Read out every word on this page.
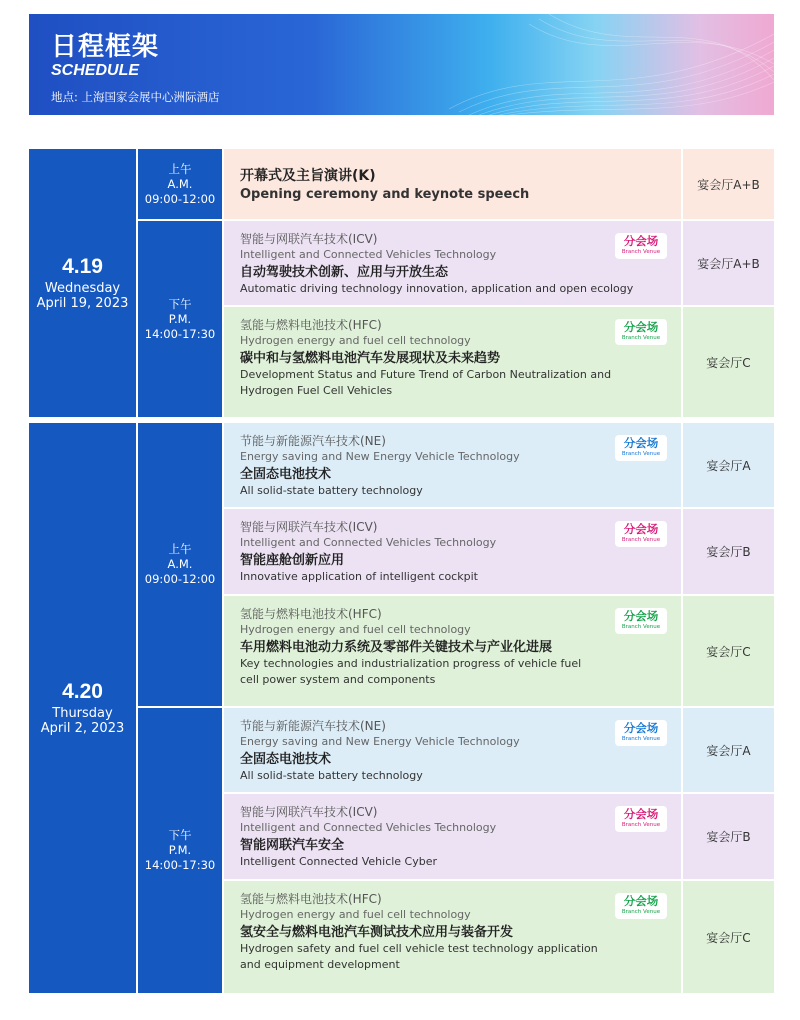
日程框架
SCHEDULE
地点: 上海国家会展中心洲际酒店
4.19
Wednesday
April 19, 2023
上午
A.M.
09:00-12:00
下午
P.M.
14:00-17:30
开幕式及主旨演讲(K)
Opening ceremony and keynote speech
宴会厅A+B
智能与网联汽车技术(ICV)
Intelligent and Connected Vehicles Technology
自动驾驶技术创新、应用与开放生态
Automatic driving technology innovation, application and open ecology
分会场
Branch Venue
宴会厅A+B
氢能与燃料电池技术(HFC)
Hydrogen energy and fuel cell technology
碳中和与氢燃料电池汽车发展现状及未来趋势
Development Status and Future Trend of Carbon Neutralization and
Hydrogen Fuel Cell Vehicles
分会场
Branch Venue
宴会厅C
4.20
Thursday
April 2, 2023
上午
A.M.
09:00-12:00
下午
P.M.
14:00-17:30
节能与新能源汽车技术(NE)
Energy saving and New Energy Vehicle Technology
全固态电池技术
All solid-state battery technology
分会场
Branch Venue
宴会厅A
智能与网联汽车技术(ICV)
Intelligent and Connected Vehicles Technology
智能座舱创新应用
Innovative application of intelligent cockpit
分会场
Branch Venue
宴会厅B
氢能与燃料电池技术(HFC)
Hydrogen energy and fuel cell technology
车用燃料电池动力系统及零部件关键技术与产业化进展
Key technologies and industrialization progress of vehicle fuel
cell power system and components
分会场
Branch Venue
宴会厅C
节能与新能源汽车技术(NE)
Energy saving and New Energy Vehicle Technology
全固态电池技术
All solid-state battery technology
分会场
Branch Venue
宴会厅A
智能与网联汽车技术(ICV)
Intelligent and Connected Vehicles Technology
智能网联汽车安全
Intelligent Connected Vehicle Cyber
分会场
Branch Venue
宴会厅B
氢能与燃料电池技术(HFC)
Hydrogen energy and fuel cell technology
氢安全与燃料电池汽车测试技术应用与装备开发
Hydrogen safety and fuel cell vehicle test technology application
and equipment development
分会场
Branch Venue
宴会厅C
